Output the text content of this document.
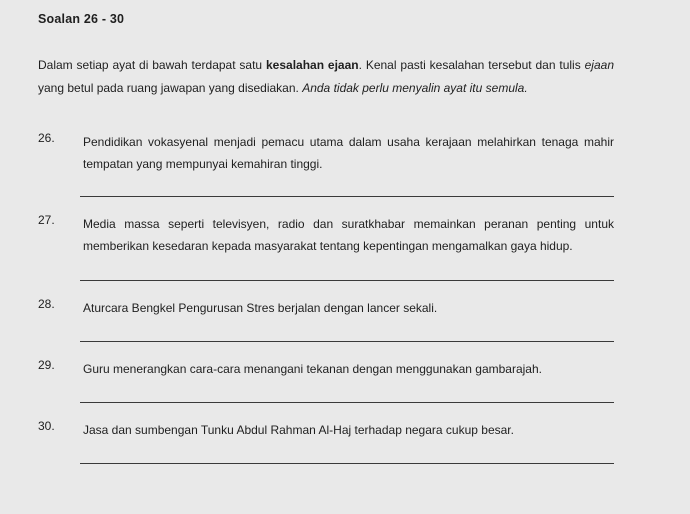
Soalan 26 - 30
Dalam setiap ayat di bawah terdapat satu kesalahan ejaan. Kenal pasti kesalahan tersebut dan tulis ejaan yang betul pada ruang jawapan yang disediakan. Anda tidak perlu menyalin ayat itu semula.
26.	Pendidikan vokasyenal menjadi pemacu utama dalam usaha kerajaan melahirkan tenaga mahir tempatan yang mempunyai kemahiran tinggi.
27.	Media massa seperti televisyen, radio dan suratkhabar memainkan peranan penting untuk memberikan kesedaran kepada masyarakat tentang kepentingan mengamalkan gaya hidup.
28.	Aturcara Bengkel Pengurusan Stres berjalan dengan lancer sekali.
29.	Guru menerangkan cara-cara menangani tekanan dengan menggunakan gambarajah.
30.	Jasa dan sumbengan Tunku Abdul Rahman Al-Haj terhadap negara cukup besar.
